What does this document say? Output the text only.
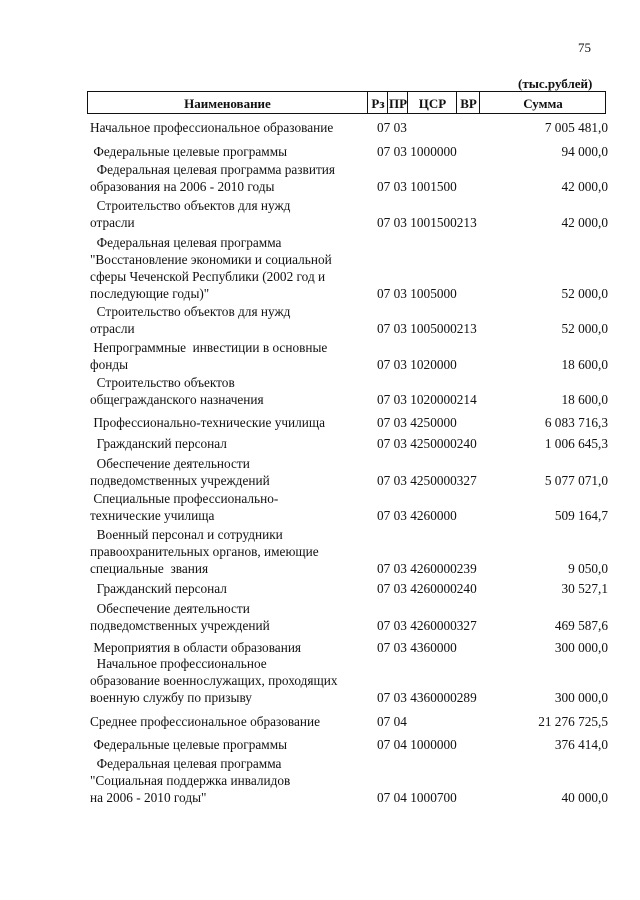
75
(тыс.рублей)
Наименование	Рз ПР ЦСР	ВР	Сумма
Начальное профессиональное образование	07 03	7 005 481,0
Федеральные целевые программы	07 03 1000000	94 000,0
Федеральная целевая программа развития
образования на 2006 - 2010 годы	07 03 1001500	42 000,0
Строительство объектов для нужд
отрасли	07 03 1001500213	42 000,0
Федеральная целевая программа
"Восстановление экономики и социальной
сферы Чеченской Республики (2002 год и
последующие годы)"	07 03 1005000	52 000,0
Строительство объектов для нужд
отрасли	07 03 1005000213	52 000,0
Непрограммные  инвестиции в основные
фонды	07 03 1020000	18 600,0
Строительство объектов
общегражданского назначения	07 03 1020000214	18 600,0
Профессионально-технические училища	07 03 4250000	6 083 716,3
Гражданский персонал	07 03 4250000240	1 006 645,3
Обеспечение деятельности
подведомственных учреждений	07 03 4250000327	5 077 071,0
Специальные профессионально-
технические училища	07 03 4260000	509 164,7
Военный персонал и сотрудники
правоохранительных органов, имеющие
специальные  звания	07 03 4260000239	9 050,0
Гражданский персонал	07 03 4260000240	30 527,1
Обеспечение деятельности
подведомственных учреждений	07 03 4260000327	469 587,6
Мероприятия в области образования	07 03 4360000	300 000,0
Начальное профессиональное
образование военнослужащих, проходящих
военную службу по призыву	07 03 4360000289	300 000,0
Среднее профессиональное образование	07 04	21 276 725,5
Федеральные целевые программы	07 04 1000000	376 414,0
Федеральная целевая программа
"Социальная поддержка инвалидов
на 2006 - 2010 годы"	07 04 1000700	40 000,0
